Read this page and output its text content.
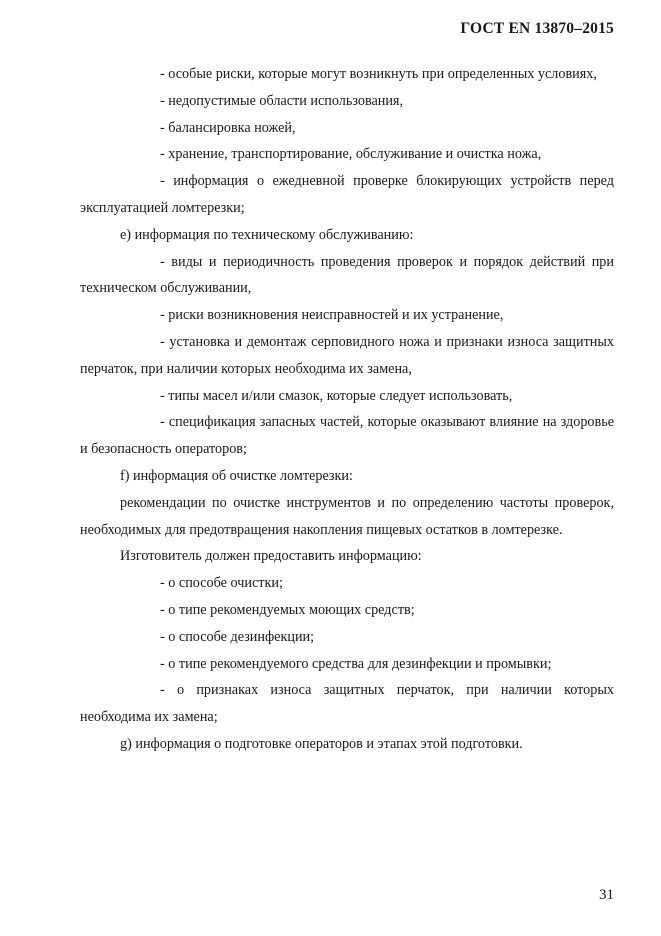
ГОСТ EN 13870–2015

- особые риски, которые могут возникнуть при определенных условиях,

- недопустимые области использования,

- балансировка ножей,

- хранение, транспортирование, обслуживание и очистка ножа,

- информация о ежедневной проверке блокирующих устройств перед эксплуатацией ломтерезки;

e) информация по техническому обслуживанию:

- виды и периодичность проведения проверок и порядок действий при техническом обслуживании,

- риски возникновения неисправностей и их устранение,

- установка и демонтаж серповидного ножа и признаки износа защитных перчаток, при наличии которых необходима их замена,

- типы масел и/или смазок, которые следует использовать,

- спецификация запасных частей, которые оказывают влияние на здоровье и безопасность операторов;

f) информация об очистке ломтерезки:

рекомендации по очистке инструментов и по определению частоты проверок, необходимых для предотвращения накопления пищевых остатков в ломтерезке.

Изготовитель должен предоставить информацию:

- о способе очистки;

- о типе рекомендуемых моющих средств;

- о способе дезинфекции;

- о типе рекомендуемого средства для дезинфекции и промывки;

- о признаках износа защитных перчаток, при наличии которых необходима их замена;

g) информация о подготовке операторов и этапах этой подготовки.

31
